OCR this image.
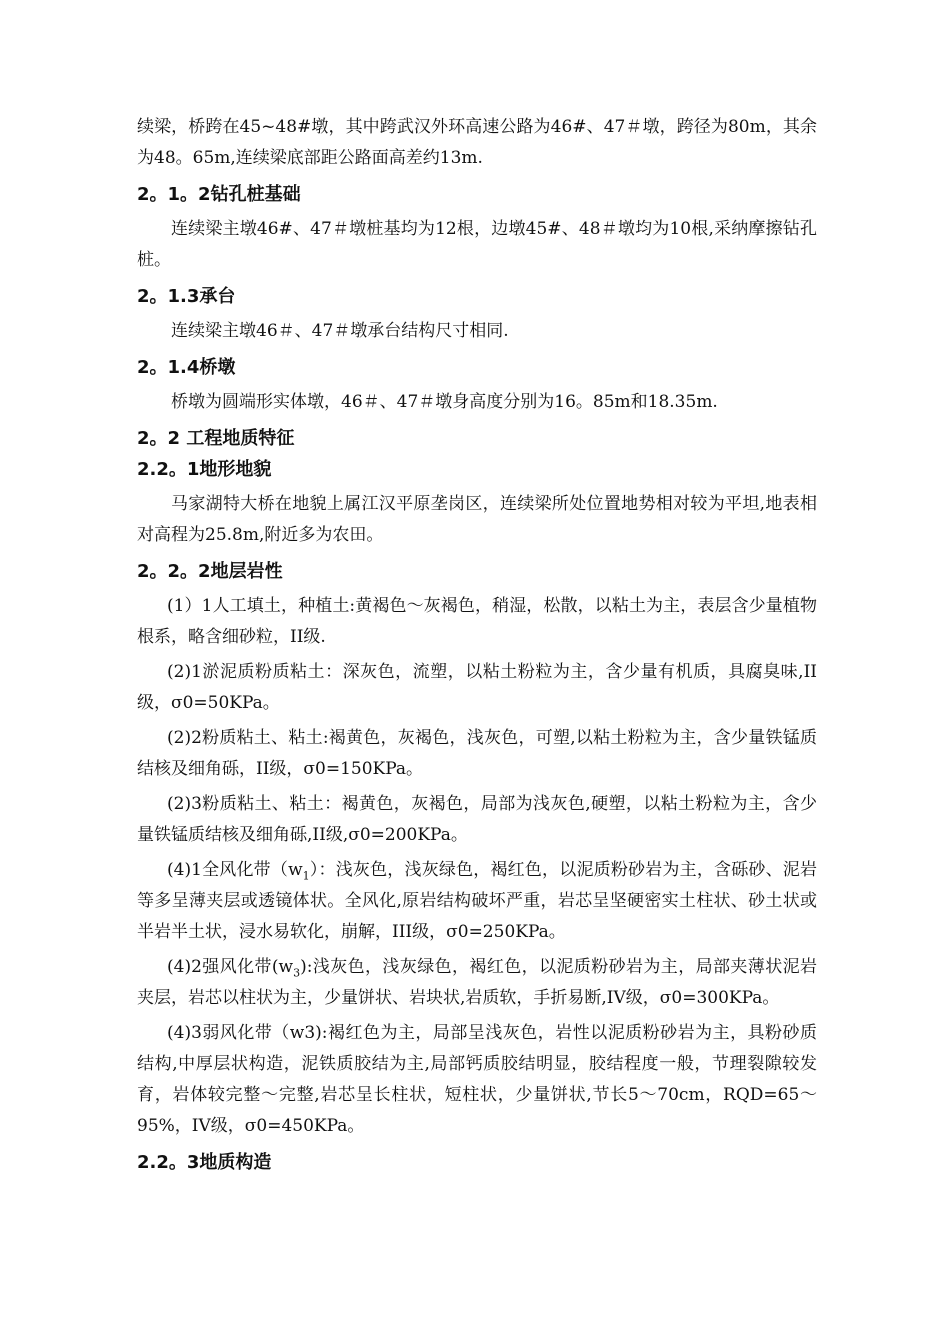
续梁，桥跨在45~48#墩，其中跨武汉外环高速公路为46#、47＃墩，跨径为80m，其余为48。65m,连续梁底部距公路面高差约13m.

2。1。2钻孔桩基础

连续梁主墩46#、47＃墩桩基均为12根，边墩45#、48＃墩均为10根,采纳摩擦钻孔桩。

2。1.3承台

连续梁主墩46＃、47＃墩承台结构尺寸相同.

2。1.4桥墩

桥墩为圆端形实体墩，46＃、47＃墩身高度分别为16。85m和18.35m.

2。2 工程地质特征
2.2。1地形地貌

马家湖特大桥在地貌上属江汉平原垄岗区，连续梁所处位置地势相对较为平坦,地表相对高程为25.8m,附近多为农田。

2。2。2地层岩性

(1）1人工填土，种植土:黄褐色～灰褐色，稍湿，松散，以粘土为主，表层含少量植物根系，略含细砂粒，II级.

(2)1淤泥质粉质粘土：深灰色，流塑，以粘土粉粒为主，含少量有机质，具腐臭味,II级，σ0=50KPa。

(2)2粉质粘土、粘土:褐黄色，灰褐色，浅灰色，可塑,以粘土粉粒为主，含少量铁锰质结核及细角砾，II级，σ0=150KPa。

(2)3粉质粘土、粘土：褐黄色，灰褐色，局部为浅灰色,硬塑，以粘土粉粒为主，含少量铁锰质结核及细角砾,II级,σ0=200KPa。

(4)1全风化带$(w_1)$：浅灰色，浅灰绿色，褐红色，以泥质粉砂岩为主，含砾砂、泥岩等多呈薄夹层或透镜体状。全风化,原岩结构破坏严重，岩芯呈坚硬密实土柱状、砂土状或半岩半土状，浸水易软化，崩解，III级，σ0=250KPa。

(4)2强风化带$(w_3)$:浅灰色，浅灰绿色，褐红色，以泥质粉砂岩为主，局部夹薄状泥岩夹层，岩芯以柱状为主，少量饼状、岩块状,岩质软，手折易断,IV级，σ0=300KPa。

(4)3弱风化带（w3):褐红色为主，局部呈浅灰色，岩性以泥质粉砂岩为主，具粉砂质结构,中厚层状构造，泥铁质胶结为主,局部钙质胶结明显，胶结程度一般，节理裂隙较发育，岩体较完整～完整,岩芯呈长柱状，短柱状，少量饼状,节长5～70cm，RQD=65～95%，IV级，σ0=450KPa。

2.2。3地质构造
